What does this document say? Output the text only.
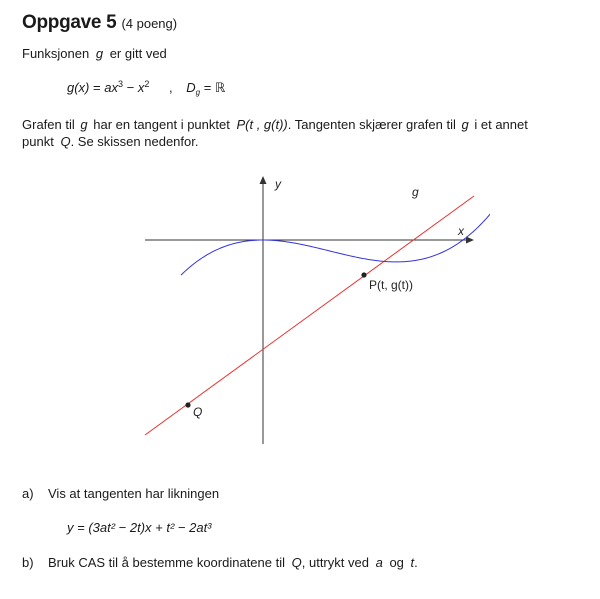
Oppgave 5 (4 poeng)
Funksjonen g er gitt ved
$g(x) = ax^3 - x^2$ , $D_g$ = ℝ
Grafen til g har en tangent i punktet P(t , g(t)). Tangenten skjærer grafen til g i et annet
punkt Q. Se skissen nedenfor.
y
x
g
P(t, g(t))
Q
a) Vis at tangenten har likningen
y = (3at² − 2t)x + t² − 2at³
b) Bruk CAS til å bestemme koordinatene til Q, uttrykt ved a og t.
